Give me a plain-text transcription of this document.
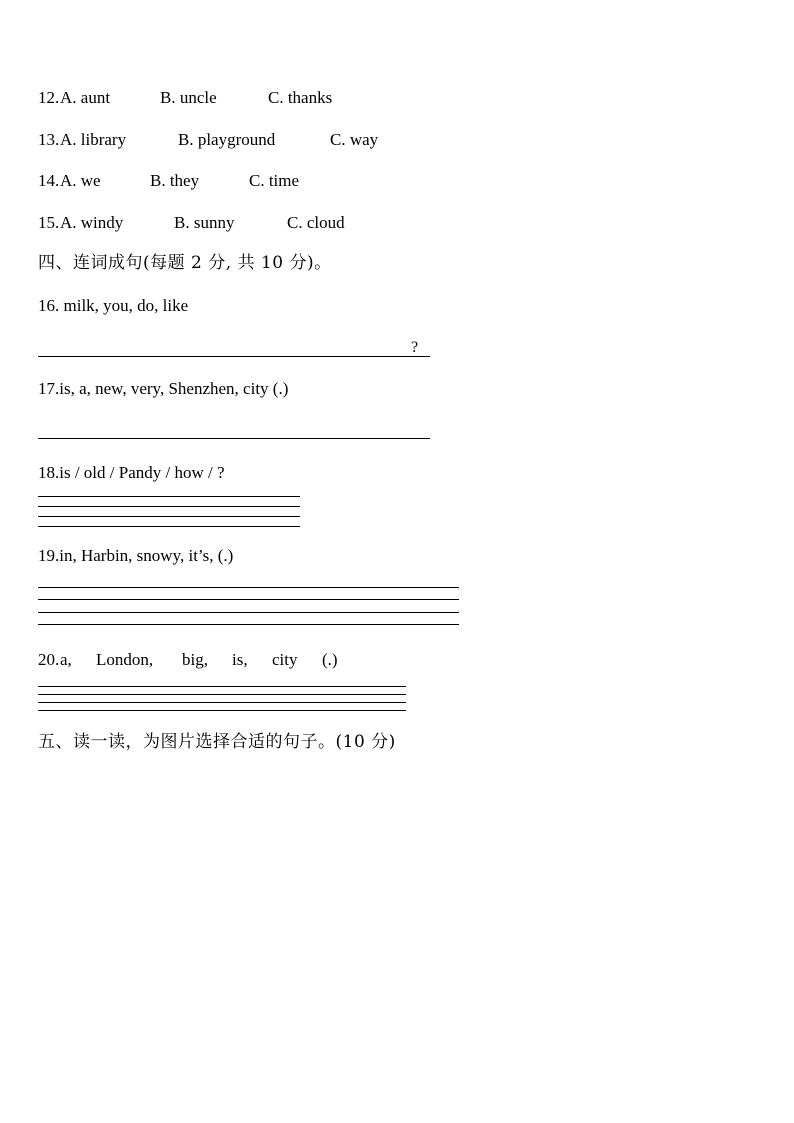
12. A. aunt	B. uncle	C. thanks
13. A. library	B. playground	C. way
14. A. we	B. they	C. time
15. A. windy	B. sunny	C. cloud
四、连词成句(每题 2 分, 共 10 分)。
16. milk, you, do, like
?
17.is, a, new, very, Shenzhen, city (.)
18.is / old / Pandy / how / ?
19.in, Harbin, snowy, it’s, (.)
20. a, London, big, is, city (.)
五、读一读，为图片选择合适的句子。(10 分)
